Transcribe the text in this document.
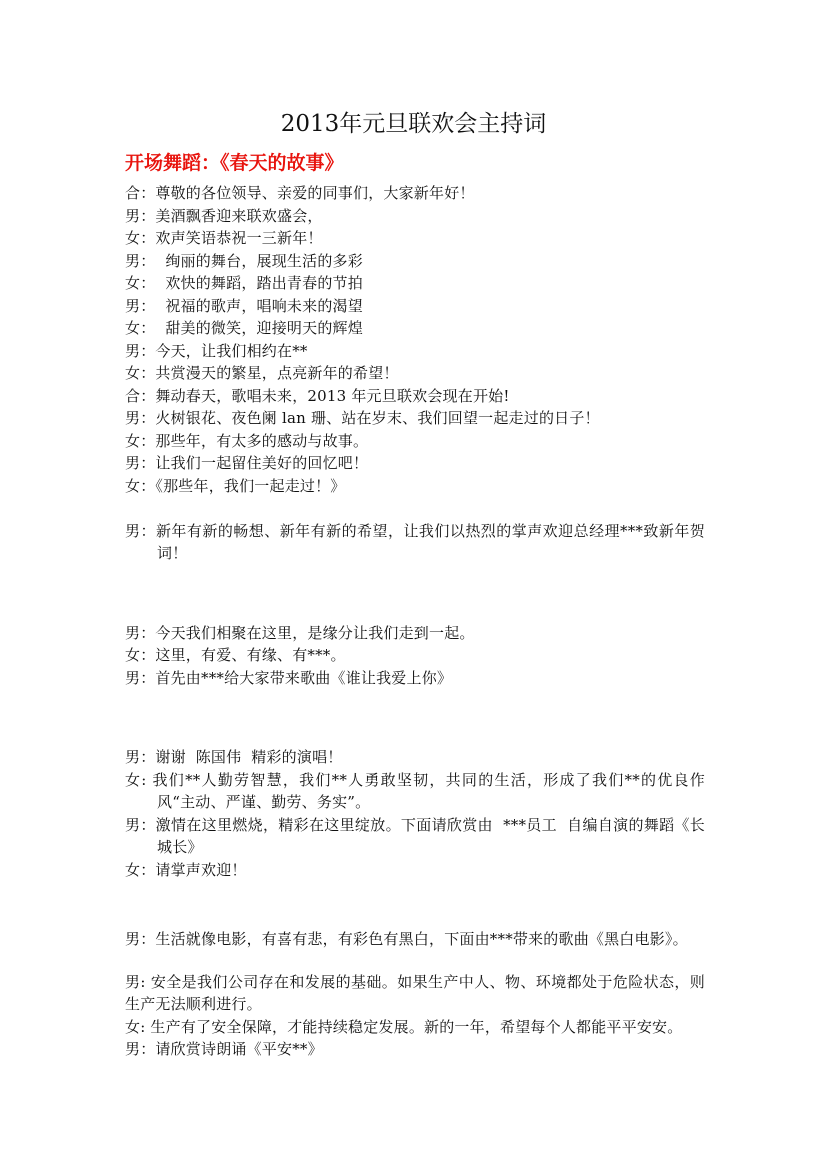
2013年元旦联欢会主持词
开场舞蹈：《春天的故事》
合：尊敬的各位领导、亲爱的同事们，大家新年好！
男：美酒飘香迎来联欢盛会，
女：欢声笑语恭祝一三新年！
男：  绚丽的舞台，展现生活的多彩
女：  欢快的舞蹈，踏出青春的节拍
男：  祝福的歌声，唱响未来的渴望
女：  甜美的微笑，迎接明天的辉煌
男：今天，让我们相约在**
女：共赏漫天的繁星，点亮新年的希望！
合：舞动春天，歌唱未来，2013 年元旦联欢会现在开始!
男：火树银花、夜色阑 lan 珊、站在岁末、我们回望一起走过的日子！
女：那些年，有太多的感动与故事。
男：让我们一起留住美好的回忆吧！
女：《那些年，我们一起走过！》
男：新年有新的畅想、新年有新的希望，让我们以热烈的掌声欢迎总经理***致新年贺词！
男：今天我们相聚在这里，是缘分让我们走到一起。
女：这里，有爱、有缘、有***。
男：首先由***给大家带来歌曲《谁让我爱上你》
男：谢谢  陈国伟  精彩的演唱！
女: 我们**人勤劳智慧，我们**人勇敢坚韧，共同的生活，形成了我们**的优良作风“主动、严谨、勤劳、务实”。
男：激情在这里燃烧，精彩在这里绽放。下面请欣赏由  ***员工  自编自演的舞蹈《长城长》
女：请掌声欢迎！
男：生活就像电影，有喜有悲，有彩色有黑白，下面由***带来的歌曲《黑白电影》。
男: 安全是我们公司存在和发展的基础。如果生产中人、物、环境都处于危险状态，则生产无法顺利进行。
女: 生产有了安全保障，才能持续稳定发展。新的一年，希望每个人都能平平安安。
男：请欣赏诗朗诵《平安**》
